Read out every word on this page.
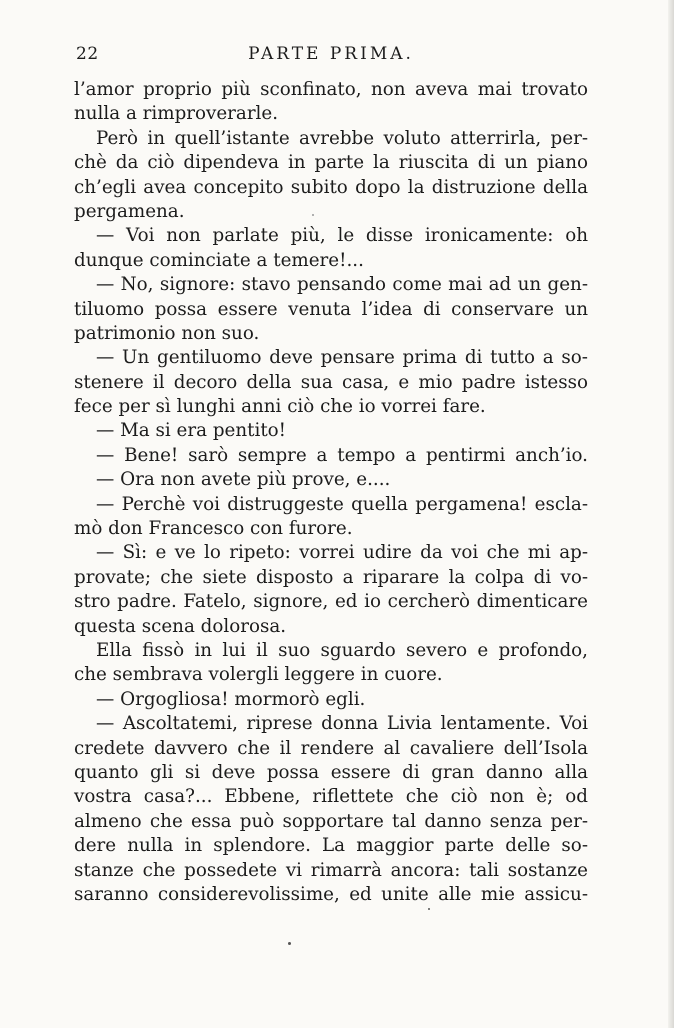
22	PARTE PRIMA.
l’amor proprio più sconfinato, non aveva mai trovato
nulla a rimproverarle.
Però in quell’istante avrebbe voluto atterrirla, per-
chè da ciò dipendeva in parte la riuscita di un piano
ch’egli avea concepito subito dopo la distruzione della
pergamena.
— Voi non parlate più, le disse ironicamente: oh
dunque cominciate a temere!...
— No, signore: stavo pensando come mai ad un gen-
tiluomo possa essere venuta l’idea di conservare un
patrimonio non suo.
— Un gentiluomo deve pensare prima di tutto a so-
stenere il decoro della sua casa, e mio padre istesso
fece per sì lunghi anni ciò che io vorrei fare.
— Ma si era pentito!
— Bene! sarò sempre a tempo a pentirmi anch’io.
— Ora non avete più prove, e....
— Perchè voi distruggeste quella pergamena! escla-
mò don Francesco con furore.
— Sì: e ve lo ripeto: vorrei udire da voi che mi ap-
provate; che siete disposto a riparare la colpa di vo-
stro padre. Fatelo, signore, ed io cercherò dimenticare
questa scena dolorosa.
Ella fissò in lui il suo sguardo severo e profondo,
che sembrava volergli leggere in cuore.
— Orgogliosa! mormorò egli.
— Ascoltatemi, riprese donna Livia lentamente. Voi
credete davvero che il rendere al cavaliere dell’Isola
quanto gli si deve possa essere di gran danno alla
vostra casa?... Ebbene, riflettete che ciò non è; od
almeno che essa può sopportare tal danno senza per-
dere nulla in splendore. La maggior parte delle so-
stanze che possedete vi rimarrà ancora: tali sostanze
saranno considerevolissime, ed unite alle mie assicu-
